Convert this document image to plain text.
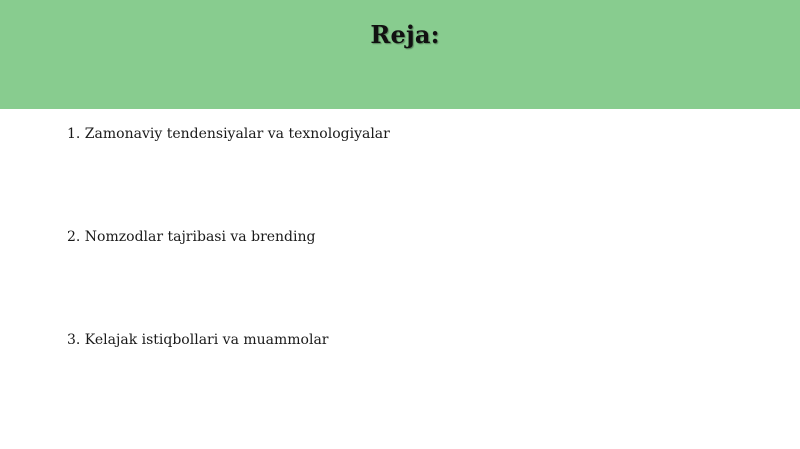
Reja:
1. Zamonaviy tendensiyalar va texnologiyalar
2. Nomzodlar tajribasi va brending
3. Kelajak istiqbollari va muammolar
